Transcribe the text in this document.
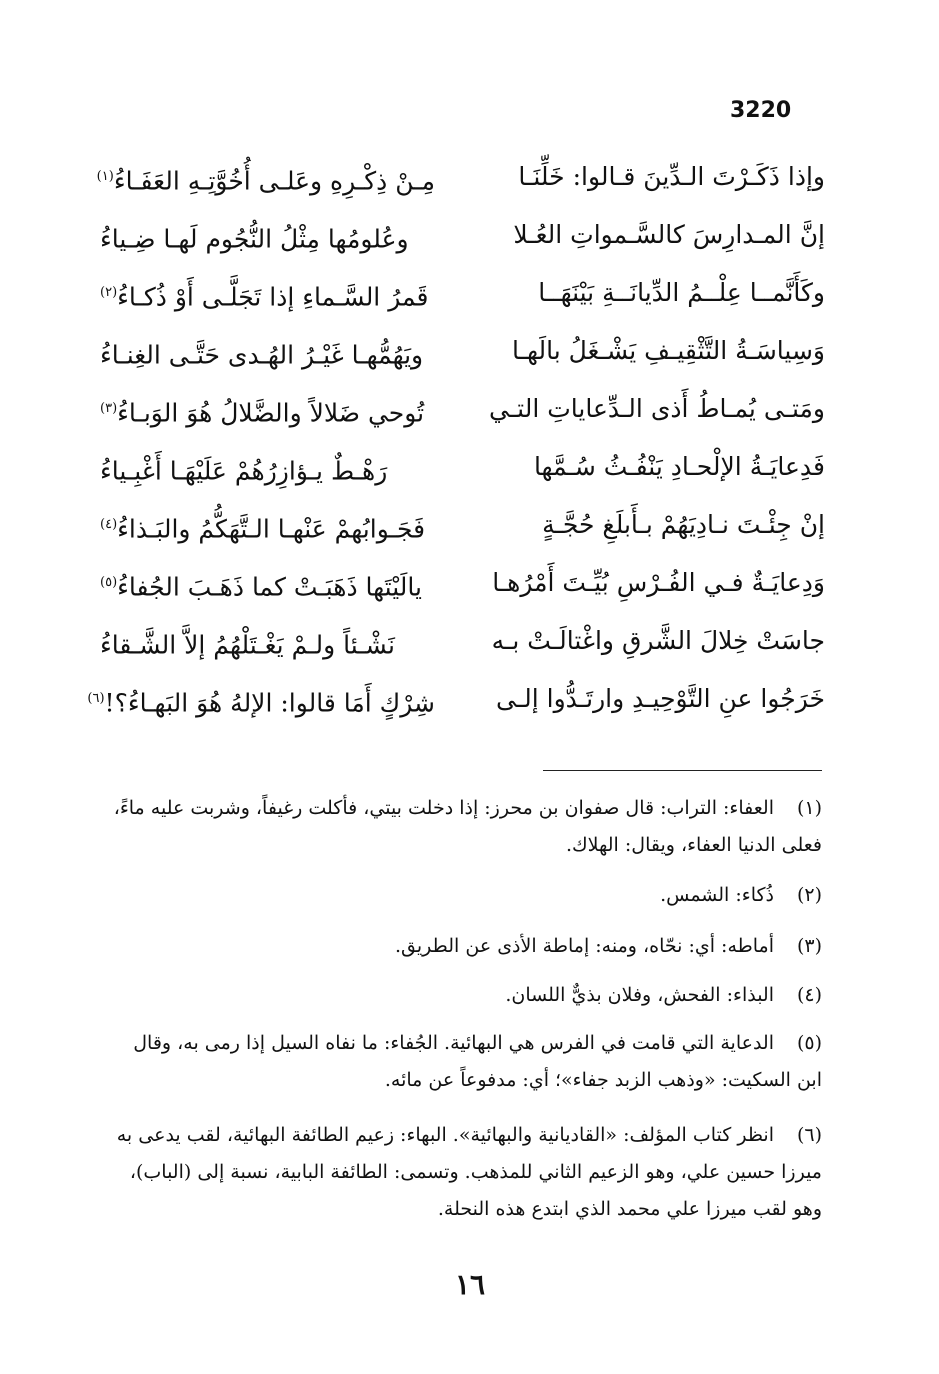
3220
وإذا ذَكَـرْتَ الـدِّينَ قـالوا: خَلِّنَـا
مِـنْ ذِكْـرِهِ وعَلـى أُخُوَّتِـهِ العَفَـاءُ$^{(١)}$
إنَّ المـدارِسَ كالسَّـمواتِ العُـلا
وعُلومُها مِثْلُ النُّجُوم لَهـا ضِـياءُ
وكَأَنَّمــا عِلْــمُ الدِّيانَــةِ بَيْنَهَــا
قَمرُ السَّـماءِ إذا تَجَلَّـى أَوْ ذُكـاءُ$^{(٢)}$
وَسِياسَـةُ التَّثْقِيـفِ يَشْـغَلُ بالَهـا
ويَهُمُّهـا غَيْـرُ الهُـدى حَتَّـى الغِنـاءُ
ومَتـى يُمـاطُ أَذى الـدِّعاياتِ التـي
تُوحي ضَلالاً والضَّلالُ هُوَ الوَبـاءُ$^{(٣)}$
فَدِعايَـةُ الإلْحـادِ يَنْفُـثُ سُـمَّها
رَهْـطٌ يـؤازِرُهُمْ عَلَيْهَـا أَغْبِـياءُ
إنْ جِئْـتَ نـادِيَهُمْ بـأَبلَغِ حُجَّـةٍ
فَجَـوابُهمْ عَنْهـا الـتَّهَكُّمُ والبَـذاءُ$^{(٤)}$
وَدِعايَـةٌ فـي الفُـرْسِ بُيِّـتَ أَمْرُهـا
يالَيْتَها ذَهَبَـتْ كما ذَهَـبَ الجُفاءُ$^{(٥)}$
جاسَتْ خِلالَ الشَّرقِ واغْتالَـتْ بـه
نَشْـئاً ولـمْ يَغْـتَلْهُمُ إلاَّ الشَّـقاءُ
خَرَجُوا عنِ التَّوْحِيـدِ وارتَـدُّوا إلـى
شِرْكٍ أَمَا قالوا: الإلهُ هُوَ البَهـاءُ؟!$^{(٦)}$
(١)العفاء: التراب: قال صفوان بن محرز: إذا دخلت بيتي، فأكلت رغيفاً، وشربت عليه ماءً، فعلى الدنيا العفاء، ويقال: الهلاك.
(٢)ذُكاء: الشمس.
(٣)أماطه: أي: نحّاه، ومنه: إماطة الأذى عن الطريق.
(٤)البذاء: الفحش، وفلان بذيٌّ اللسان.
(٥)الدعاية التي قامت في الفرس هي البهائية. الجُفاء: ما نفاه السيل إذا رمى به، وقال ابن السكيت: «وذهب الزبد جفاء»؛ أي: مدفوعاً عن مائه.
(٦)انظر كتاب المؤلف: «القاديانية والبهائية». البهاء: زعيم الطائفة البهائية، لقب يدعى به ميرزا حسين علي، وهو الزعيم الثاني للمذهب. وتسمى: الطائفة البابية، نسبة إلى (الباب)، وهو لقب ميرزا علي محمد الذي ابتدع هذه النحلة.
١٦
